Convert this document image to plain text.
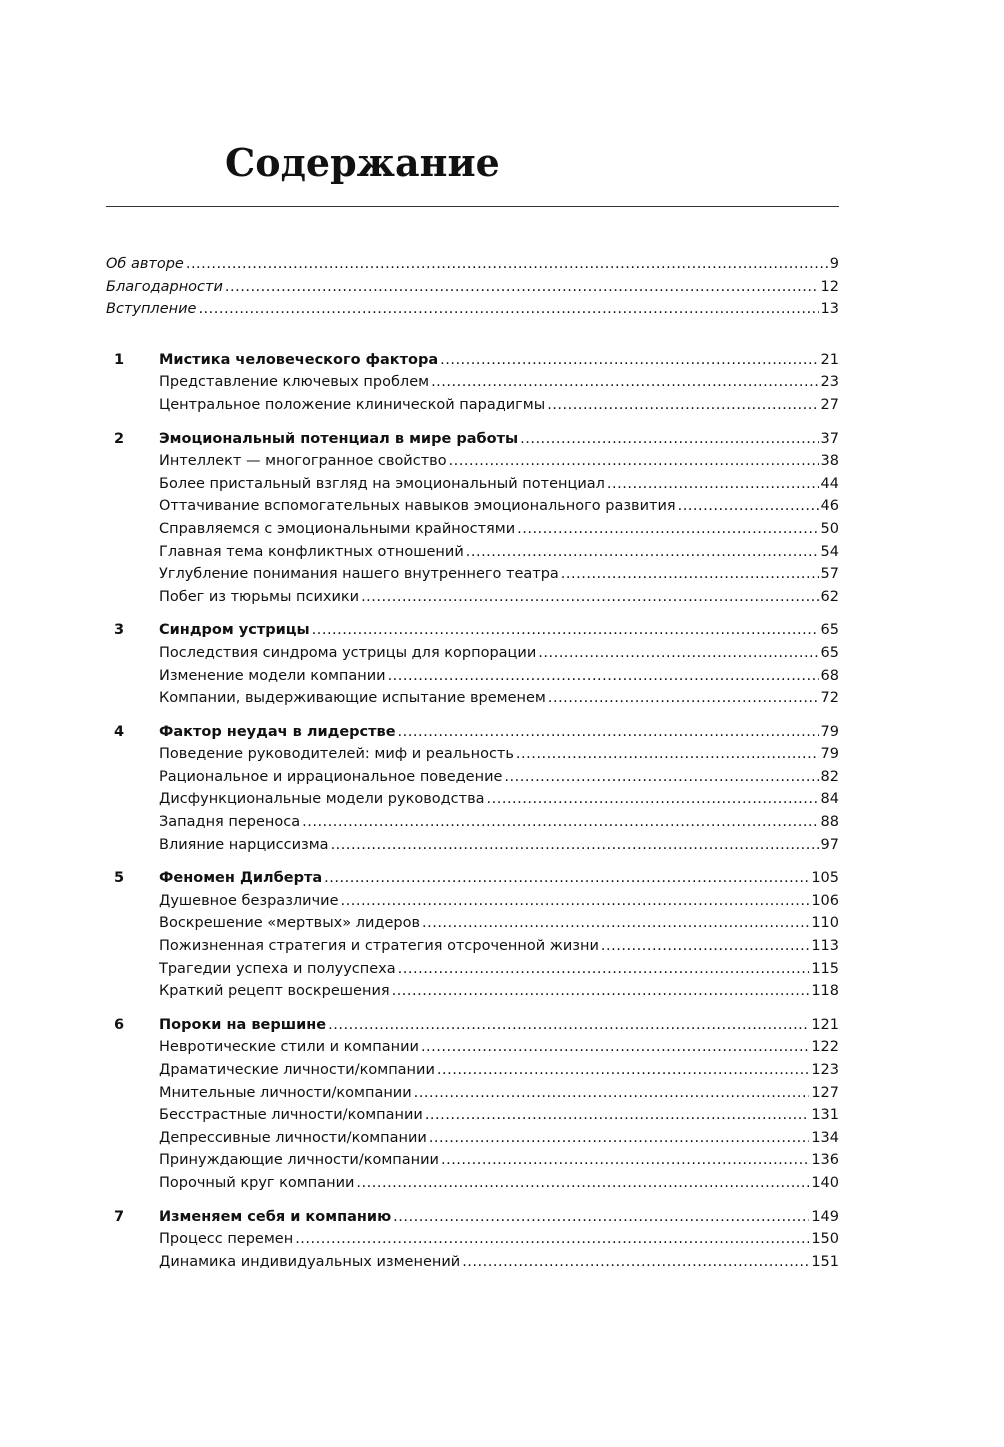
Содержание
Об авторе .....	9
Благодарности .....	12
Вступление .....	13
1	Мистика человеческого фактора .....	21
Представление ключевых проблем .....	23
Центральное положение клинической парадигмы .....	27
2	Эмоциональный потенциал в мире работы .....	37
Интеллект — многогранное свойство .....	38
Более пристальный взгляд на эмоциональный потенциал .....	44
Оттачивание вспомогательных навыков эмоционального развития .....	46
Справляемся с эмоциональными крайностями .....	50
Главная тема конфликтных отношений .....	54
Углубление понимания нашего внутреннего театра .....	57
Побег из тюрьмы психики .....	62
3	Синдром устрицы .....	65
Последствия синдрома устрицы для корпорации .....	65
Изменение модели компании .....	68
Компании, выдерживающие испытание временем .....	72
4	Фактор неудач в лидерстве .....	79
Поведение руководителей: миф и реальность .....	79
Рациональное и иррациональное поведение .....	82
Дисфункциональные модели руководства .....	84
Западня переноса .....	88
Влияние нарциссизма .....	97
5	Феномен Дилберта .....	105
Душевное безразличие .....	106
Воскрешение «мертвых» лидеров .....	110
Пожизненная стратегия и стратегия отсроченной жизни .....	113
Трагедии успеха и полууспеха .....	115
Краткий рецепт воскрешения .....	118
6	Пороки на вершине .....	121
Невротические стили и компании .....	122
Драматические личности/компании .....	123
Мнительные личности/компании .....	127
Бесстрастные личности/компании .....	131
Депрессивные личности/компании .....	134
Принуждающие личности/компании .....	136
Порочный круг компании .....	140
7	Изменяем себя и компанию .....	149
Процесс перемен .....	150
Динамика индивидуальных изменений .....	151
